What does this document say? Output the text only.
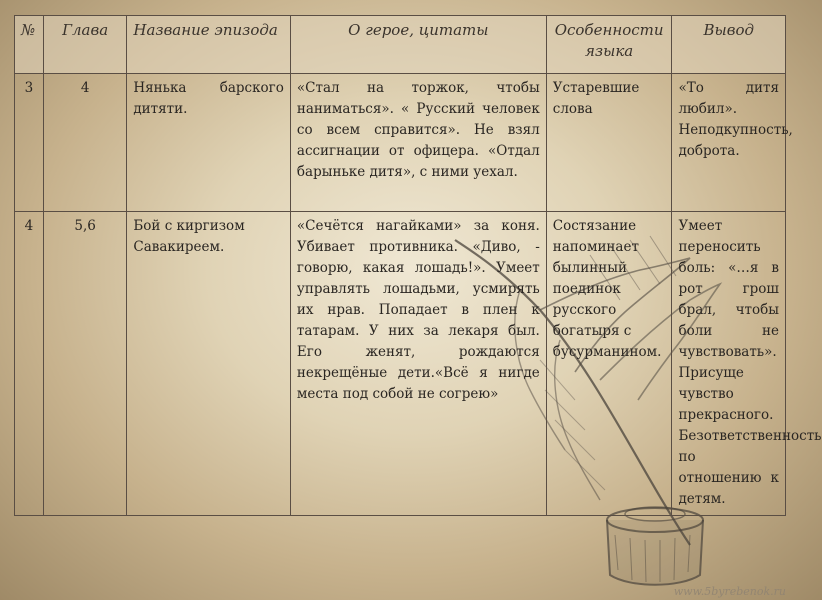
№	Глава	Название эпизода	О герое, цитаты	Особенности языка	Вывод
3	4	Нянька барского дитяти.	«Стал на торжок, чтобы наниматься». « Русский человек со всем справится». Не взял ассигнации от офицера. «Отдал барыньке дитя», с ними уехал.	Устаревшие слова	«То дитя любил». Неподкупность, доброта.
4	5,6	Бой с киргизом Савакиреем.	«Сечётся нагайками» за коня. Убивает противника. «Диво, - говорю, какая лошадь!». Умеет управлять лошадьми, усмирять их нрав. Попадает в плен к татарам. У них за лекаря был. Его женят, рождаются некрещёные дети.«Всё я нигде места под собой не согрею»	Состязание напоминает былинный поединок русского богатыря с бусурманином.	Умеет переносить боль: «…я в рот грош брал, чтобы боли не чувствовать». Присуще чувство прекрасного. Безответственность по отношению к детям.
www.5byrebenok.ru
